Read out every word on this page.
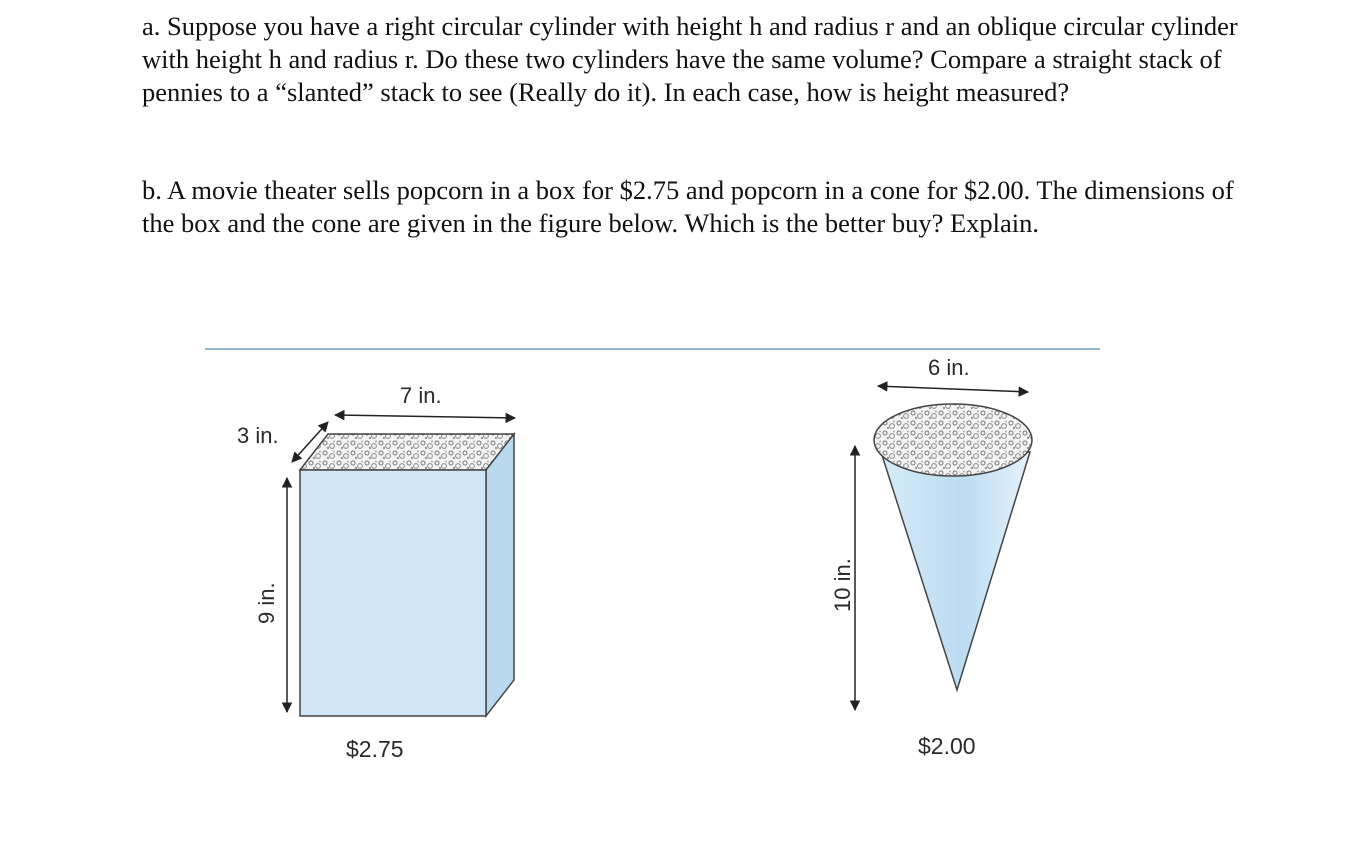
a. Suppose you have a right circular cylinder with height h and radius r and an oblique circular cylinder with height h and radius r. Do these two cylinders have the same volume? Compare a straight stack of pennies to a “slanted” stack to see (Really do it). In each case, how is height measured?

b. A movie theater sells popcorn in a box for $2.75 and popcorn in a cone for $2.00. The dimensions of the box and the cone are given in the figure below. Which is the better buy? Explain.

7 in.
3 in.
9 in.
$2.75
6 in.
10 in.
$2.00
